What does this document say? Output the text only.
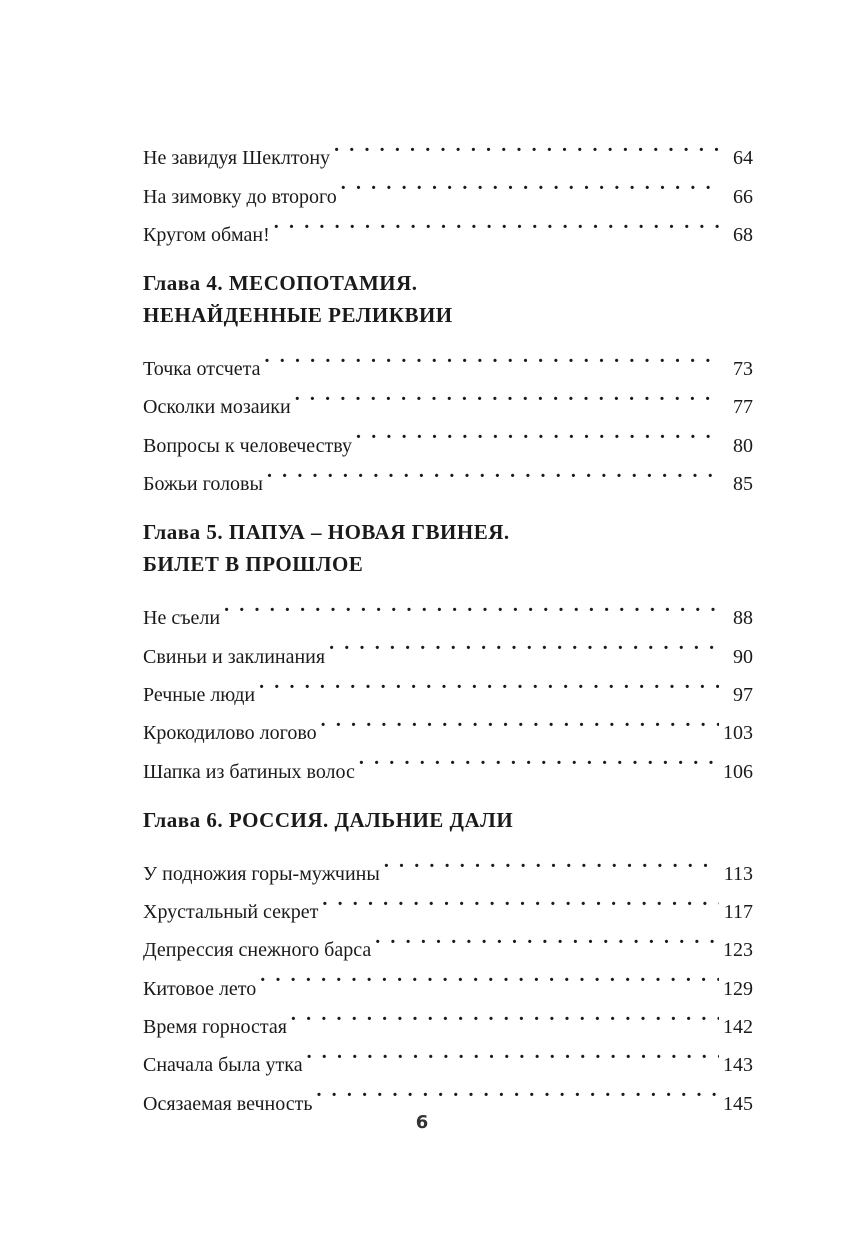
Не завидуя Шеклтону . . .	64
На зимовку до второго . . .	66
Кругом обман! . . .	68
Глава 4. МЕСОПОТАМИЯ.
НЕНАЙДЕННЫЕ РЕЛИКВИИ
Точка отсчета . . .	73
Осколки мозаики . . .	77
Вопросы к человечеству . . .	80
Божьи головы . . .	85
Глава 5. ПАПУА – НОВАЯ ГВИНЕЯ.
БИЛЕТ В ПРОШЛОЕ
Не съели . . .	88
Свиньи и заклинания . . .	90
Речные люди . . .	97
Крокодилово логово . . .	103
Шапка из батиных волос . . .	106
Глава 6. РОССИЯ. ДАЛЬНИЕ ДАЛИ
У подножия горы-мужчины . . .	113
Хрустальный секрет . . .	117
Депрессия снежного барса . . .	123
Китовое лето . . .	129
Время горностая . . .	142
Сначала была утка . . .	143
Осязаемая вечность . . .	145
6
